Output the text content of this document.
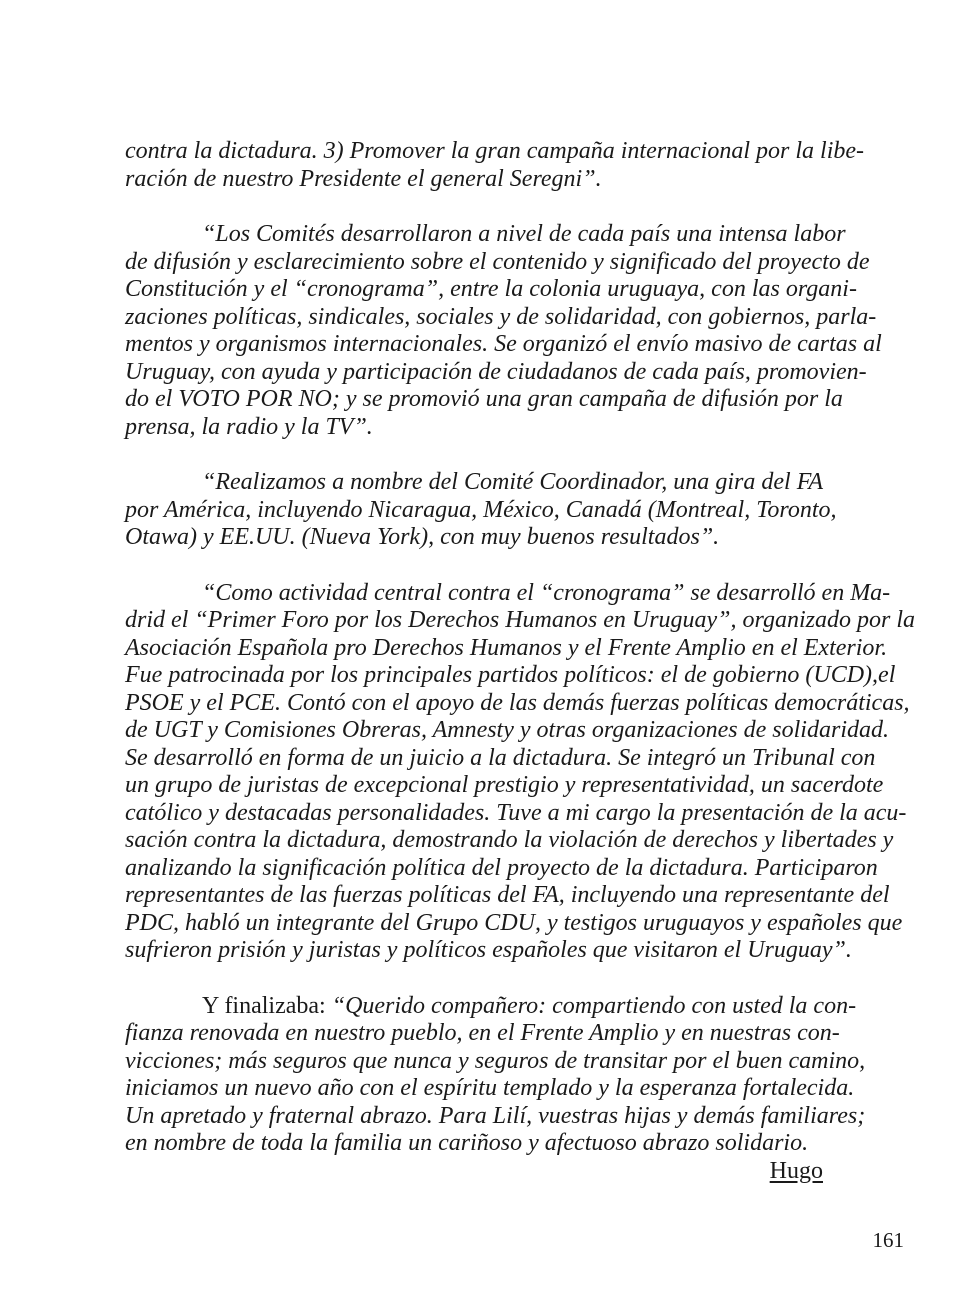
contra la dictadura. 3) Promover la gran campaña internacional por la libe-
ración de nuestro Presidente el general Seregni”.
“Los Comités desarrollaron a nivel de cada país una intensa labor
de difusión y esclarecimiento sobre el contenido y significado del proyecto de
Constitución y el “cronograma”, entre la colonia uruguaya, con las organi-
zaciones políticas, sindicales, sociales y de solidaridad, con gobiernos, parla-
mentos y organismos internacionales. Se organizó el envío masivo de cartas al
Uruguay, con ayuda y participación de ciudadanos de cada país, promovien-
do el VOTO POR NO; y se promovió una gran campaña de difusión por la
prensa, la radio y la TV”.
“Realizamos a nombre del Comité Coordinador, una gira del FA
por América, incluyendo Nicaragua, México, Canadá (Montreal, Toronto,
Otawa) y EE.UU. (Nueva York), con muy buenos resultados”.
“Como actividad central contra el “cronograma” se desarrolló en Ma-
drid el “Primer Foro por los Derechos Humanos en Uruguay”, organizado por la
Asociación Española pro Derechos Humanos y el Frente Amplio en el Exterior.
Fue patrocinada por los principales partidos políticos: el de gobierno (UCD),el
PSOE y el PCE. Contó con el apoyo de las demás fuerzas políticas democráticas,
de UGT y Comisiones Obreras, Amnesty y otras organizaciones de solidaridad.
Se desarrolló en forma de un juicio a la dictadura. Se integró un Tribunal con
un grupo de juristas de excepcional prestigio y representatividad, un sacerdote
católico y destacadas personalidades. Tuve a mi cargo la presentación de la acu-
sación contra la dictadura, demostrando la violación de derechos y libertades y
analizando la significación política del proyecto de la dictadura. Participaron
representantes de las fuerzas políticas del FA, incluyendo una representante del
PDC, habló un integrante del Grupo CDU, y testigos uruguayos y españoles que
sufrieron prisión y juristas y políticos españoles que visitaron el Uruguay”.
Y finalizaba: “Querido compañero: compartiendo con usted la con-
fianza renovada en nuestro pueblo, en el Frente Amplio y en nuestras con-
vicciones; más seguros que nunca y seguros de transitar por el buen camino,
iniciamos un nuevo año con el espíritu templado y la esperanza fortalecida.
Un apretado y fraternal abrazo. Para Lilí, vuestras hijas y demás familiares;
en nombre de toda la familia un cariñoso y afectuoso abrazo solidario.
Hugo
161
